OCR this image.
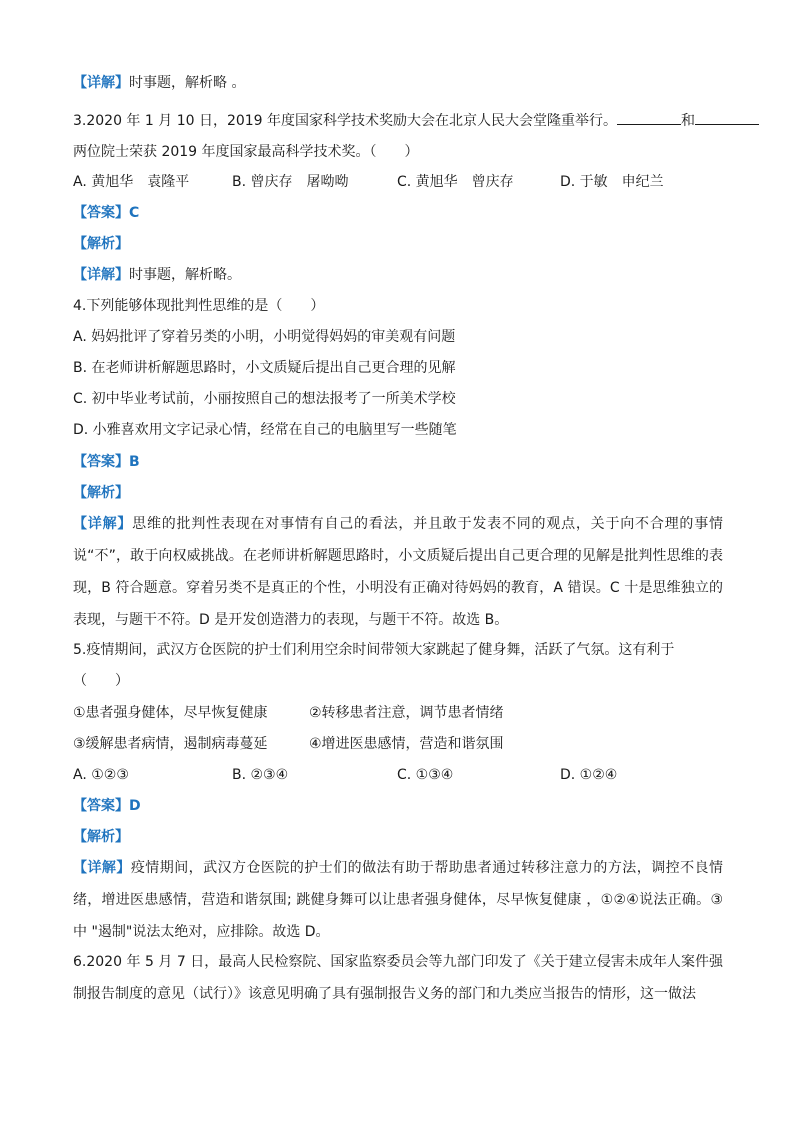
【详解】时事题，解析略 。
3.2020 年 1 月 10 日，2019 年度国家科学技术奖励大会在北京人民大会堂隆重举行。	和
两位院士荣获 2019 年度国家最高科学技术奖。（　　）
A. 黄旭华　袁隆平	B. 曾庆存　屠呦呦	C. 黄旭华　曾庆存	D. 于敏　申纪兰
【答案】C
【解析】
【详解】时事题，解析略。
4.下列能够体现批判性思维的是（　　）
A. 妈妈批评了穿着另类的小明，小明觉得妈妈的审美观有问题
B. 在老师讲析解题思路时，小文质疑后提出自己更合理的见解
C. 初中毕业考试前，小丽按照自己的想法报考了一所美术学校
D. 小雅喜欢用文字记录心情，经常在自己的电脑里写一些随笔
【答案】B
【解析】
【详解】思维的批判性表现在对事情有自己的看法，并且敢于发表不同的观点，关于向不合理的事情说“不”，敢于向权威挑战。在老师讲析解题思路时，小文质疑后提出自己更合理的见解是批判性思维的表现，B 符合题意。穿着另类不是真正的个性，小明没有正确对待妈妈的教育，A 错误。C 十是思维独立的表现，与题干不符。D 是开发创造潜力的表现，与题干不符。故选 B。
5.疫情期间，武汉方仓医院的护士们利用空余时间带领大家跳起了健身舞，活跃了气氛。这有利于
（　　）
①患者强身健体，尽早恢复健康	②转移患者注意，调节患者情绪
③缓解患者病情，遏制病毒蔓延	④增进医患感情，营造和谐氛围
A. ①②③	B. ②③④	C. ①③④	D. ①②④
【答案】D
【解析】
【详解】疫情期间，武汉方仓医院的护士们的做法有助于帮助患者通过转移注意力的方法，调控不良情绪，增进医患感情，营造和谐氛围; 跳健身舞可以让患者强身健体，尽早恢复健康 ，①②④说法正确。③中 "遏制"说法太绝对，应排除。故选 D。
6.2020 年 5 月 7 日，最高人民检察院、国家监察委员会等九部门印发了《关于建立侵害未成年人案件强制报告制度的意见（试行）》该意见明确了具有强制报告义务的部门和九类应当报告的情形，这一做法
